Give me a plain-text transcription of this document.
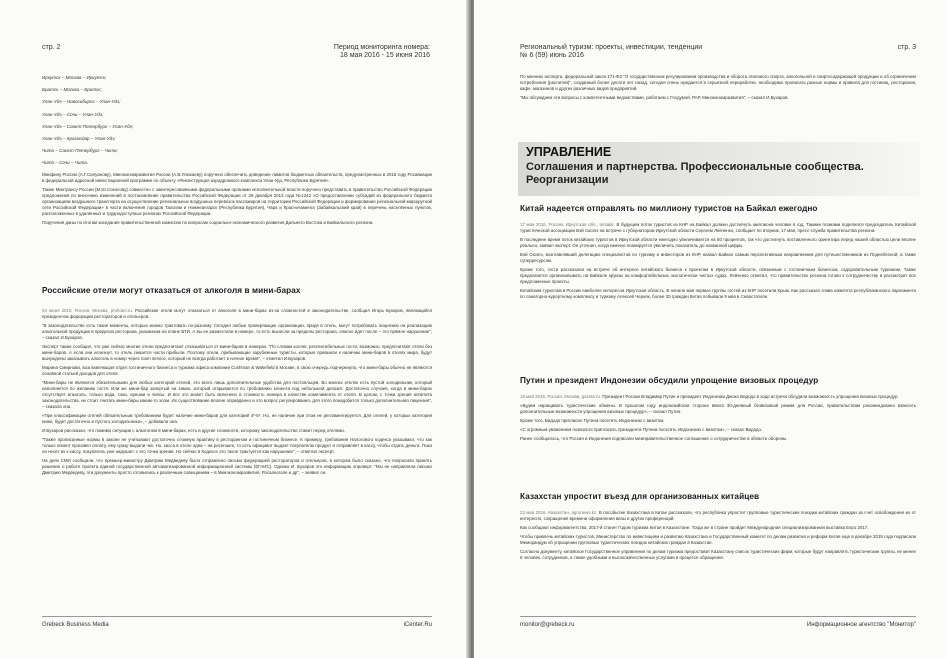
стр. 2	Период мониторинга номера:
18 мая 2016 - 15 июня 2016
Иркутск – Москва – Иркутск;
Братск – Москва – Братск;
Улан-Удэ – Новосибирск – Улан-Удэ;
Улан-Удэ – Сочи – Улан-Удэ;
Улан-Удэ – Санкт-Петербург – Улан-Удэ;
Улан-Удэ – Краснодар – Улан-Удэ;
Чита – Санкт-Петербург – Чита;
Чита – Сочи – Чита.

Минфину России (А.Г.Силуанову), Минэкономразвития России (А.В.Улюкаеву) поручено обеспечить доведение лимитов бюджетных обязательств, предусмотренных в 2016 году Росавиации в федеральной адресной инвестиционной программе по объекту «Реконструкция аэродромного комплекса Улан-Удэ, Республика Бурятия».

Также Минтрансу России (М.Ю.Соколову) совместно с заинтересованными федеральными органами исполнительной власти поручено представить в правительство Российской Федерации предложения по внесению изменений в постановление правительства Российской Федерации от 25 декабря 2013 года №1242 «О предоставлении субсидий из федерального бюджета организациям воздушного транспорта на осуществление региональных воздушных перевозок пассажиров на территории Российской Федерации и формирование региональной маршрутной сети Российской Федерации» в части включения городов Тахсиэм и Нижнеангарск (Республика Бурятия), Чара и Красночаменск (Забайкальский край) в перечень населённых пунктов, расположенных в удалённых и труднодоступных регионах Российской Федерации.

Поручения даны по итогам заседания правительственной комиссии по вопросам социально-экономического развития Дальнего Востока и Байкальского региона.

Российские отели могут отказаться от алкоголя в мини-барах

04 июня 2016, Россия, Москва, prohotel.ru. Российские отели могут отказаться от алкоголя в мини-барах из-за сложностей в законодательстве, сообщил Игорь Бухаров, являющийся президентом федерации рестораторов и отельеров.

"В законодательстве есть такие моменты, которые можно трактовать по-разному. Сегодня любые проверяющие организации, придя в отель, могут потребовать лицензию на реализацию алкогольной продукции в пределах ресторана, указанном на плане БТИ. А вы ее разместили в номере, то есть вынесли за пределы ресторана, опасно идет после – это прямое нарушение", – сказал И.Бухаров.

Эксперт также сообщил, что уже сейчас многие отели предпочитают отказываться от мини-баров в номерах. "По словам коллег, респектабельные гости, возможно, предпочитают отели без мини-баров. А если они исчезнут, то отель лишится части прибыли. Поэтому отели, прибывающие зарубежные туристы, которые привыкли к наличию мини-баров в отелях мира, будут вынуждены заказывать алкоголь в номер через room service, который не всегда работает в ночное время", – отметил И.Бухаров.

Марина Смирнова, возглавляющая отдел гостиничного бизнеса и туризма офиса компании Cushman & Wakefield в Москве, в свою очередь подчеркнула, что мини-бары обычно не являются основной статьей доходов для отеля.

"Мини-бары не являются обязательными для любых категорий отелей, это всего лишь дополнительные удобства для постояльцев. Во многих отелях есть пустой холодильник, который наполняется по желанию гостя. Или же мини-бар запертый на замок, который открывается по требованию клиента под небольшой депозит. Достаточно случаев, когда в мини-барах отсутствует алкоголь, только вода, соки, орешки и чипсы. И все это может быть включено в стоимость номера в качестве комплимента от отеля. В целом, с точки зрения аппетита законодательства, не стоит считать мини-бары каким-то злом. Их существование вполне оправданно и это вопрос регулирования, для этого понадобится только дополнительная лицензия", – сказала она.

«При классификации отелей обязательным требованием будет наличие мини-баров для категорий 4*-5*. Но, не наличие при этом не регламентируется. Для отелей, у которых категория ниже, будет достаточно и пустого холодильника», – добавила она.

И.Бухаров рассказал, что помимо ситуации с алкоголем в мини-барах, есть и другие сложности, которому законодательство ставит перед отелями.

"Также прописанные нормы в законе не учитывают достаточно сложную практику в ресторанном и гостиничном бизнесе. К примеру, требования Налогового кодекса указывают, что как только клиент произвел оплату, ему сразу выдали чек. Но, касса в отеле одна – на ресепшен, то есть официант выдает покупателю продукт и отправляет в кассу, чтобы отдать деньги. Пока он несет их к кассу, покупатель уже нарушил: с его точки зрения. Но сейчас в Кодексе это такое трактуется как нарушение", – отметил эксперт.

На днях СМИ сообщили, что премьер-министру Дмитрию Медведеву было отправлено письмо федерацией рестораторов и отельеров, в котором было сказано, что попросили принять решение о работе проекта единой государственной автоматизированной информационной системы (ЕГАИС). Однако И. Бухаров это информацию опроверг: "Мы не направляли письмо Дмитрию Медведеву, эти документы просто готовились к различным совещаниям – в Минэкономразвития, Росалкоголе и др", – заявил он.

Grebeck Business Media	iCenter.Ru
Региональный туризм: проекты, инвестиции, тенденции
№ 6 (59) июнь 2016
стр. 3

По мнению эксперта, федеральный закон 171-ФЗ "О государственном регулировании производства и оборота этилового спирта, алкогольной и спиртосодержащей продукции и об ограничении потребления (распития)", созданный более десяти лет назад, сегодня очень нуждается в серьезной переработке, необходимо прописать разные нормы и правила для гостиниц, ресторанов, кафе, магазинов и других различных видов предприятий.

"Мы обсуждаем эти вопросы с компетентными ведомствами, работаем с Госдумой, РАР, Минэкономразвития", – сказал И.Бухаров.

УПРАВЛЕНИЕ
Соглашения и партнерства. Профессиональные сообщества. Реорганизации
Китай надеется отправлять по миллиону туристов на Байкал ежегодно

17 мая 2016, Россия, Иркутская обл., tentaikr. В будущем поток туристов из КНР на Байкал должен достигнуть миллиона человек в год. Такими планами поделился председатель Китайской туристической ассоциации Вэй Сюэлэ на встрече с губернатором Иркутской области Сергеем Левченко, сообщает по вторник, 17 мая, пресс-служба правительства региона.

В последние время поток китайских туристов в Иркутской области ежегодно увеличивается на 50 процентов, так что достигнуть поставленного ориентира перед нашей областью цели вполне реально, заявил эксперт. Он уточнил, когда именно планируется увеличить показатель до названной цифры.

Вэй Сюэлэ, возглавлявший делегацию специалистов по туризму и инвесторов из КНР, назвал Байкал самым перспективным направлением для путешественников из Поднебесной, а также суперресурсом.

Кроме того, гости рассказали на встрече об интересе китайского бизнеса к проектам в Иркутской области, связанным с гостиничным бизнесом, оздоровительным туризмом. Также предлагается организовывать на Байкале круизы на комфортабельных экологически чистых судах. Левченко отметил, что правительство региона готово к сотрудничеству и рассмотрит все предложенные проекты.

Китайским туристам в России наиболее интересна Иркутская область. В начале мая первые группы гостей из КНР посетили Крым. Как рассказал глава комитета республиканского парламента по санаторно-курортному комплексу и туризму Алексей Черняк, более 20 граждан Китая побывали 9 мая в Севастополе.

Путин и президент Индонезии обсудили упрощение визовых процедур

18 мая 2016, Россия, Москва, gazeta.ru. Президент России Владимир Путин и президент Индонезии Джоко Видодо в ходе встречи обсудили возможность упрощения визовых процедур.

«Будем наращивать туристические обмены. В прошлом году индонезийская сторона ввела 30-дневный безвизовый режим для России, правительствам рекомендовано взвесить дополнительные возможности упрощения визовых процедур», – сказал Путин.

Кроме того, Видодо пригласил Путина посетить Индонезию с визитом.

«С огромным уважением позвольте пригласить президента Путина посетить Индонезию с визитом», – сказал Видодо.

Ранее сообщалось, что Россия и Индонезия подписали межправительственное соглашение о сотрудничестве в области обороны.

Казахстан упростит въезд для организованных китайцев

23 мая 2016, Казахстан, agronews.kz. В пособытие Казахстана в Китае рассказали, что республика упростит групповые туристические поездки китайских граждан за счет освобождения их от интересно, сокращения времени оформления визы и других преференций.

Как сообщают информагентства, 2017-й станет Годом туризма Китая в Казахстане. Тогда же в стране пройдет Международная специализированная выставка Expo 2017.

Чтобы привлечь китайских туристов, Министерство по инвестициям и развитию Казахстана и Государственный комитет по делам развития и реформ Китая еще в декабре 2015 года подписали Меморандум об упрощении групповых туристических поездок китайских граждан в Казахстан.

Согласно документу, китайское Государственное управление по делам туризма предоставит Казахстану список туристических фирм, которые будут направлять туристические группы, не менее 5 человек, сотрудников, а также удобными и высококачественных услугами в процессе обращения.

monitor@grebeck.ru	Информационное агентство "Монитор"
